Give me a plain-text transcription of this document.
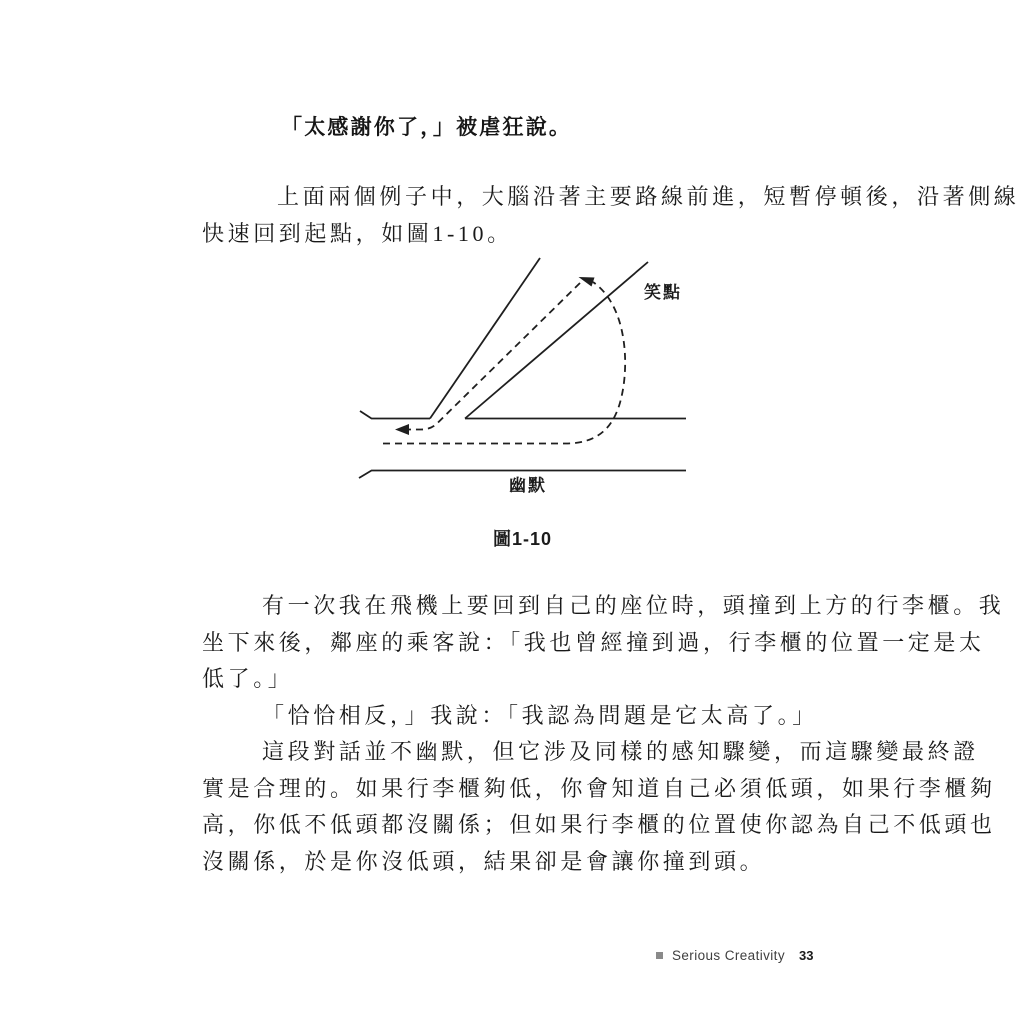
「太感謝你了，」被虐狂說。
上面兩個例子中，大腦沿著主要路線前進，短暫停頓後，沿著側線
快速回到起點，如圖1-10。
笑點
幽默
圖1-10
有一次我在飛機上要回到自己的座位時，頭撞到上方的行李櫃。我
坐下來後，鄰座的乘客說：「我也曾經撞到過，行李櫃的位置一定是太
低了。」
「恰恰相反，」我說：「我認為問題是它太高了。」
這段對話並不幽默，但它涉及同樣的感知驟變，而這驟變最終證
實是合理的。如果行李櫃夠低，你會知道自己必須低頭，如果行李櫃夠
高，你低不低頭都沒關係；但如果行李櫃的位置使你認為自己不低頭也
沒關係，於是你沒低頭，結果卻是會讓你撞到頭。
Serious Creativity 33
